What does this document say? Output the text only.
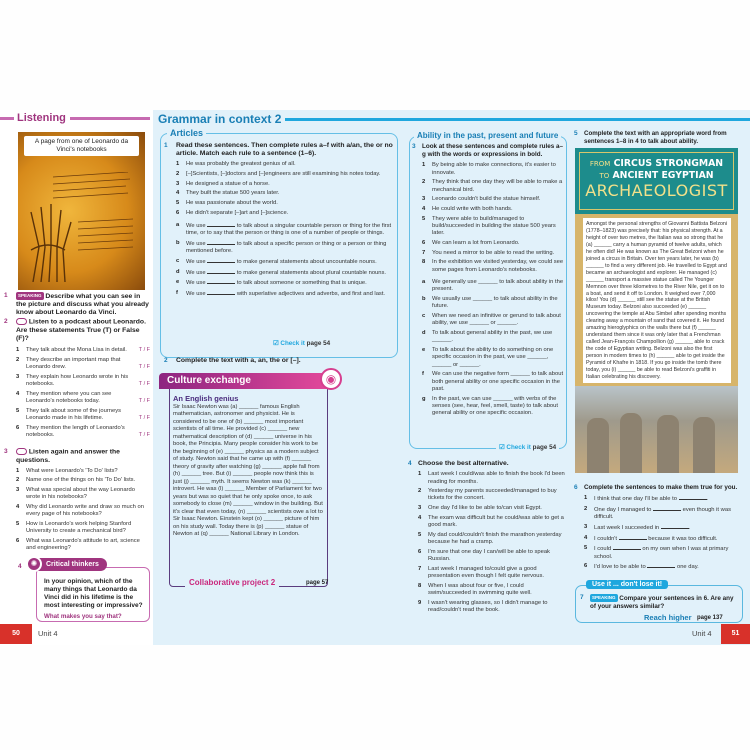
Listening
A page from one of Leonardo da Vinci's notebooks
1	SPEAKING Describe what you can see in the picture and discuss what you already know about Leonardo da Vinci.
2	Listen to a podcast about Leonardo. Are these statements True (T) or False (F)?
1 They talk about the Mona Lisa in detail. T / F
2 They describe an important map that Leonardo drew.	T / F
3 They explain how Leonardo wrote in his notebooks.	T / F
4 They mention where you can see Leonardo's notebooks today.	T / F
5 They talk about some of the journeys Leonardo made in his lifetime.	T / F
6 They mention the length of Leonardo's notebooks.	T / F
3	Listen again and answer the questions.
1 What were Leonardo's 'To Do' lists?
2 Name one of the things on his 'To Do' lists.
3 What was special about the way Leonardo wrote in his notebooks?
4 Why did Leonardo write and draw so much on every page of his notebooks?
5 How is Leonardo's work helping Stanford University to create a mechanical bird?
6 What was Leonardo's attitude to art, science and engineering?
4
In your opinion, which of the many things that Leonardo da Vinci did in his lifetime is the most interesting or impressive?
What makes you say that?
Critical thinkers
✺
50	Unit 4
Grammar in context 2
Articles
1	Read these sentences. Then complete rules a–f with a/an, the or no article. Match each rule to a sentence (1–6).
1 He was probably the greatest genius of all.
2 [–]Scientists, [–]doctors and [–]engineers are still examining his notes today.
3 He designed a statue of a horse.
4 They built the statue 500 years later.
5 He was passionate about the world.
6 He didn't separate [–]art and [–]science.
a We use	to talk about a singular countable person or thing for the first time, or to say that the person or thing is one of a number of people or things.
b We use	to talk about a specific person or thing or a person or thing mentioned before.
c We use	to make general statements about uncountable nouns.
d We use	to make general statements about plural countable nouns.
e We use	to talk about someone or something that is unique.
f We use	with superlative adjectives and adverbs, and first and last.
☑ Check it page 54
2	Complete the text with a, an, the or [–].
Culture exchange	◉
An English genius

Sir Isaac Newton was (a) ______ famous English mathematician, astronomer and physicist. He is considered to be one of (b) ______ most important scientists of all time. He provided (c) ______ new mathematical description of (d) ______ universe in his book, the Principia. Many people consider his work to be the beginning of (e) ______ physics as a modern subject of study. Newton said that he came up with (f) ______ theory of gravity after watching (g) ______ apple fall from (h) ______ tree. But (i) ______ people now think this is just (j) ______ myth. It seems Newton was (k) ______ introvert. He was (l) ______ Member of Parliament for two years but was so quiet that he only spoke once, to ask somebody to close (m) ______ window in the building. But it's clear that even today, (n) ______ scientists owe a lot to Sir Isaac Newton. Einstein kept (o) ______ picture of him on his study wall. Today there is (p) ______ statue of Newton at (q) ______ National Library in London.

Collaborative project 2	page 57
Ability in the past, present and future
3	Look at these sentences and complete rules a–g with the words or expressions in bold.
1 By being able to make connections, it's easier to innovate.
2 They think that one day they will be able to make a mechanical bird.
3 Leonardo couldn't build the statue himself.
4 He could write with both hands.
5 They were able to build/managed to build/succeeded in building the statue 500 years later.
6 We can learn a lot from Leonardo.
7 You need a mirror to be able to read the writing.
8 In the exhibition we visited yesterday, we could see some pages from Leonardo's notebooks.
a We generally use ______ to talk about ability in the present.
b We usually use ______ to talk about ability in the future.
c When we need an infinitive or gerund to talk about ability, we use ______ or ______.
d To talk about general ability in the past, we use ______.
e To talk about the ability to do something on one specific occasion in the past, we use ______, ______ or ______.
f We can use the negative form ______ to talk about both general ability or one specific occasion in the past.
g In the past, we can use ______ with verbs of the senses (see, hear, feel, smell, taste) to talk about general ability or one specific occasion.
☑ Check it page 54
4 Choose the best alternative.
1 Last week I could/was able to finish the book I'd been reading for months.
2 Yesterday my parents succeeded/managed to buy tickets for the concert.
3 One day I'd like to be able to/can visit Egypt.
4 The exam was difficult but he could/was able to get a good mark.
5 My dad could/couldn't finish the marathon yesterday because he had a cramp.
6 I'm sure that one day I can/will be able to speak Russian.
7 Last week I managed to/could give a good presentation even though I felt quite nervous.
8 When I was about four or five, I could swim/succeeded in swimming quite well.
9 I wasn't wearing glasses, so I didn't manage to read/couldn't read the book.
5	Complete the text with an appropriate word from sentences 1–8 in 4 to talk about ability.
FROM CIRCUS STRONGMAN
TO ANCIENT EGYPTIAN
ARCHAEOLOGIST
Amongst the personal strengths of Giovanni Battista Belzoni (1778–1823) was precisely that: his physical strength. At a height of over two metres, the Italian was so strong that he (a) ______ carry a human pyramid of twelve adults, which he often did! He was known as The Great Belzoni when he joined a circus in Britain. Over ten years later, he was (b) ______ to find a very different job. He travelled to Egypt and became an archaeologist and explorer. He managed (c) ______ transport a massive statue called The Younger Memnon over three kilometres to the River Nile, get it on to a boat, and send it off to London. It weighed over 7,000 kilos! You (d) ______ still see the statue at the British Museum today. Belzoni also succeeded (e) ______ uncovering the temple at Abu Simbel after spending months clearing away a mountain of sand that covered it. He found amazing hieroglyphics on the walls there but (f) ______ understand them since it was only later that a Frenchman called Jean-François Champollion (g) ______ able to crack the code of Egyptian writing. Belzoni was also the first person in modern times to (h) ______ able to get inside the Pyramid of Khafre in 1818. If you go inside the tomb there today, you (i) ______ be able to read Belzoni's graffiti in Italian celebrating his discovery.
6	Complete the sentences to make them true for you.
1 I think that one day I'll be able to	.
2 One day I managed to	even though it was difficult.
3 Last week I succeeded in	.
4 I couldn't	because it was too difficult.
5 I could	on my own when I was at primary school.
6 I'd love to be able to	one day.
Use it ... don't lose it!
7	SPEAKING Compare your sentences in 6. Are any of your answers similar?
Reach higher page 137
Unit 4	51
